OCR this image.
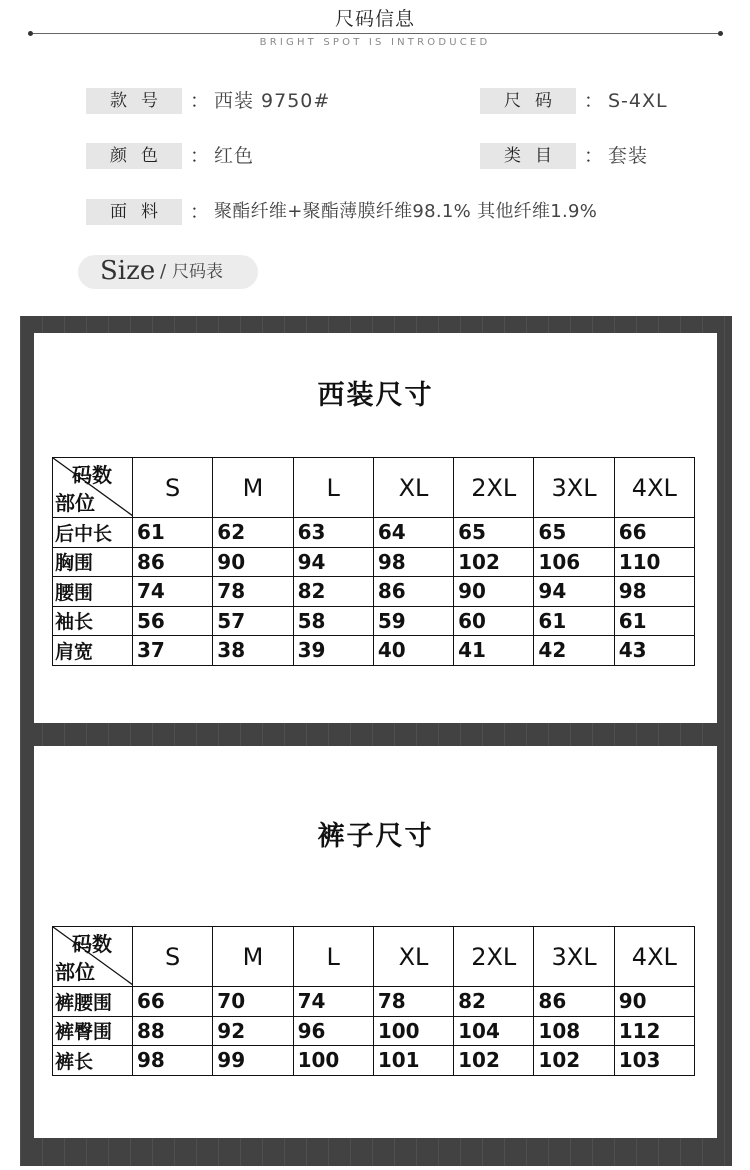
尺码信息
BRIGHT SPOT IS INTRODUCED
款号 ： 西装 9750#	尺码 ： S-4XL
颜色 ： 红色	类目 ： 套装
面料 ： 聚酯纤维+聚酯薄膜纤维98.1% 其他纤维1.9%
Size / 尺码表
西装尺寸
码数
部位	S	M	L	XL	2XL	3XL	4XL
后中长	61	62	63	64	65	65	66
胸围	86	90	94	98	102	106	110
腰围	74	78	82	86	90	94	98
袖长	56	57	58	59	60	61	61
肩宽	37	38	39	40	41	42	43
裤子尺寸
码数
部位	S	M	L	XL	2XL	3XL	4XL
裤腰围	66	70	74	78	82	86	90
裤臀围	88	92	96	100	104	108	112
裤长	98	99	100	101	102	102	103
